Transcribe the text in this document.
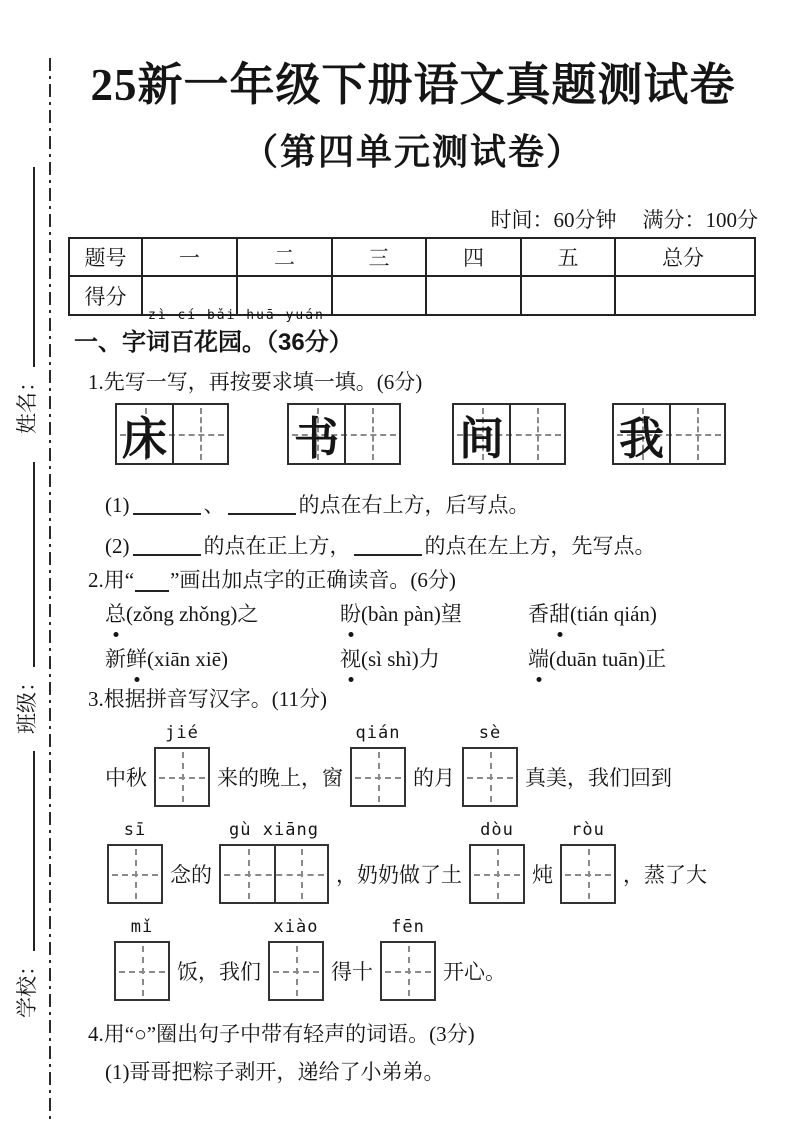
姓名：
班级：
学校：
25新一年级下册语文真题测试卷
（第四单元测试卷）
时间：60分钟 满分：100分
题号	一	二	三	四	五	总分
得分
zì cí bǎi huā yuán
一、字词百花园。（36分）
1.先写一写，再按要求填一填。(6分)
床	书	间	我
2.用“ ”画出加点字的正确读音。(6分)
3.根据拼音写汉字。(11分)
4.用“○”圈出句子中带有轻声的词语。(3分)
(1)哥哥把粽子剥开，递给了小弟弟。
(1)	、	的点在右上方，后写点。
(2)	的点在正上方，	的点在左上方，先写点。
总(zǒng zhǒng)之	盼(bàn pàn)望	香甜(tián qián)
新鲜(xiān xiē)	视(sì shì)力	端(duān tuān)正
中秋
jié
来的晚上，窗
qián
的月
sè
真美，我们回到
sī
念的
gù xiāng
，奶奶做了土
dòu
炖
ròu
，蒸了大
mǐ
饭，我们
xiào
得十
fēn
开心。
